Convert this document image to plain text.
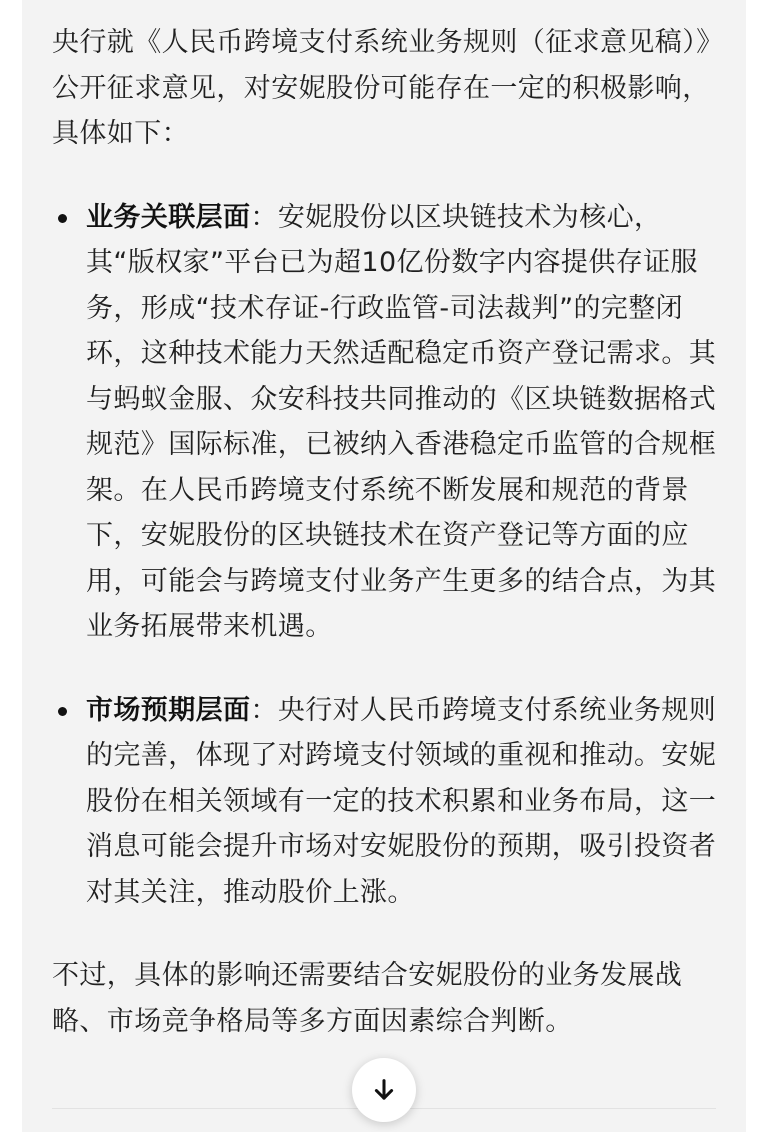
央行就《人民币跨境支付系统业务规则（征求意见稿）》公开征求意见，对安妮股份可能存在一定的积极影响，具体如下：

业务关联层面：安妮股份以区块链技术为核心，其“版权家”平台已为超10亿份数字内容提供存证服务，形成“技术存证-行政监管-司法裁判”的完整闭环，这种技术能力天然适配稳定币资产登记需求。其与蚂蚁金服、众安科技共同推动的《区块链数据格式规范》国际标准，已被纳入香港稳定币监管的合规框架。在人民币跨境支付系统不断发展和规范的背景下，安妮股份的区块链技术在资产登记等方面的应用，可能会与跨境支付业务产生更多的结合点，为其业务拓展带来机遇。
市场预期层面：央行对人民币跨境支付系统业务规则的完善，体现了对跨境支付领域的重视和推动。安妮股份在相关领域有一定的技术积累和业务布局，这一消息可能会提升市场对安妮股份的预期，吸引投资者对其关注，推动股价上涨。

不过，具体的影响还需要结合安妮股份的业务发展战略、市场竞争格局等多方面因素综合判断。
